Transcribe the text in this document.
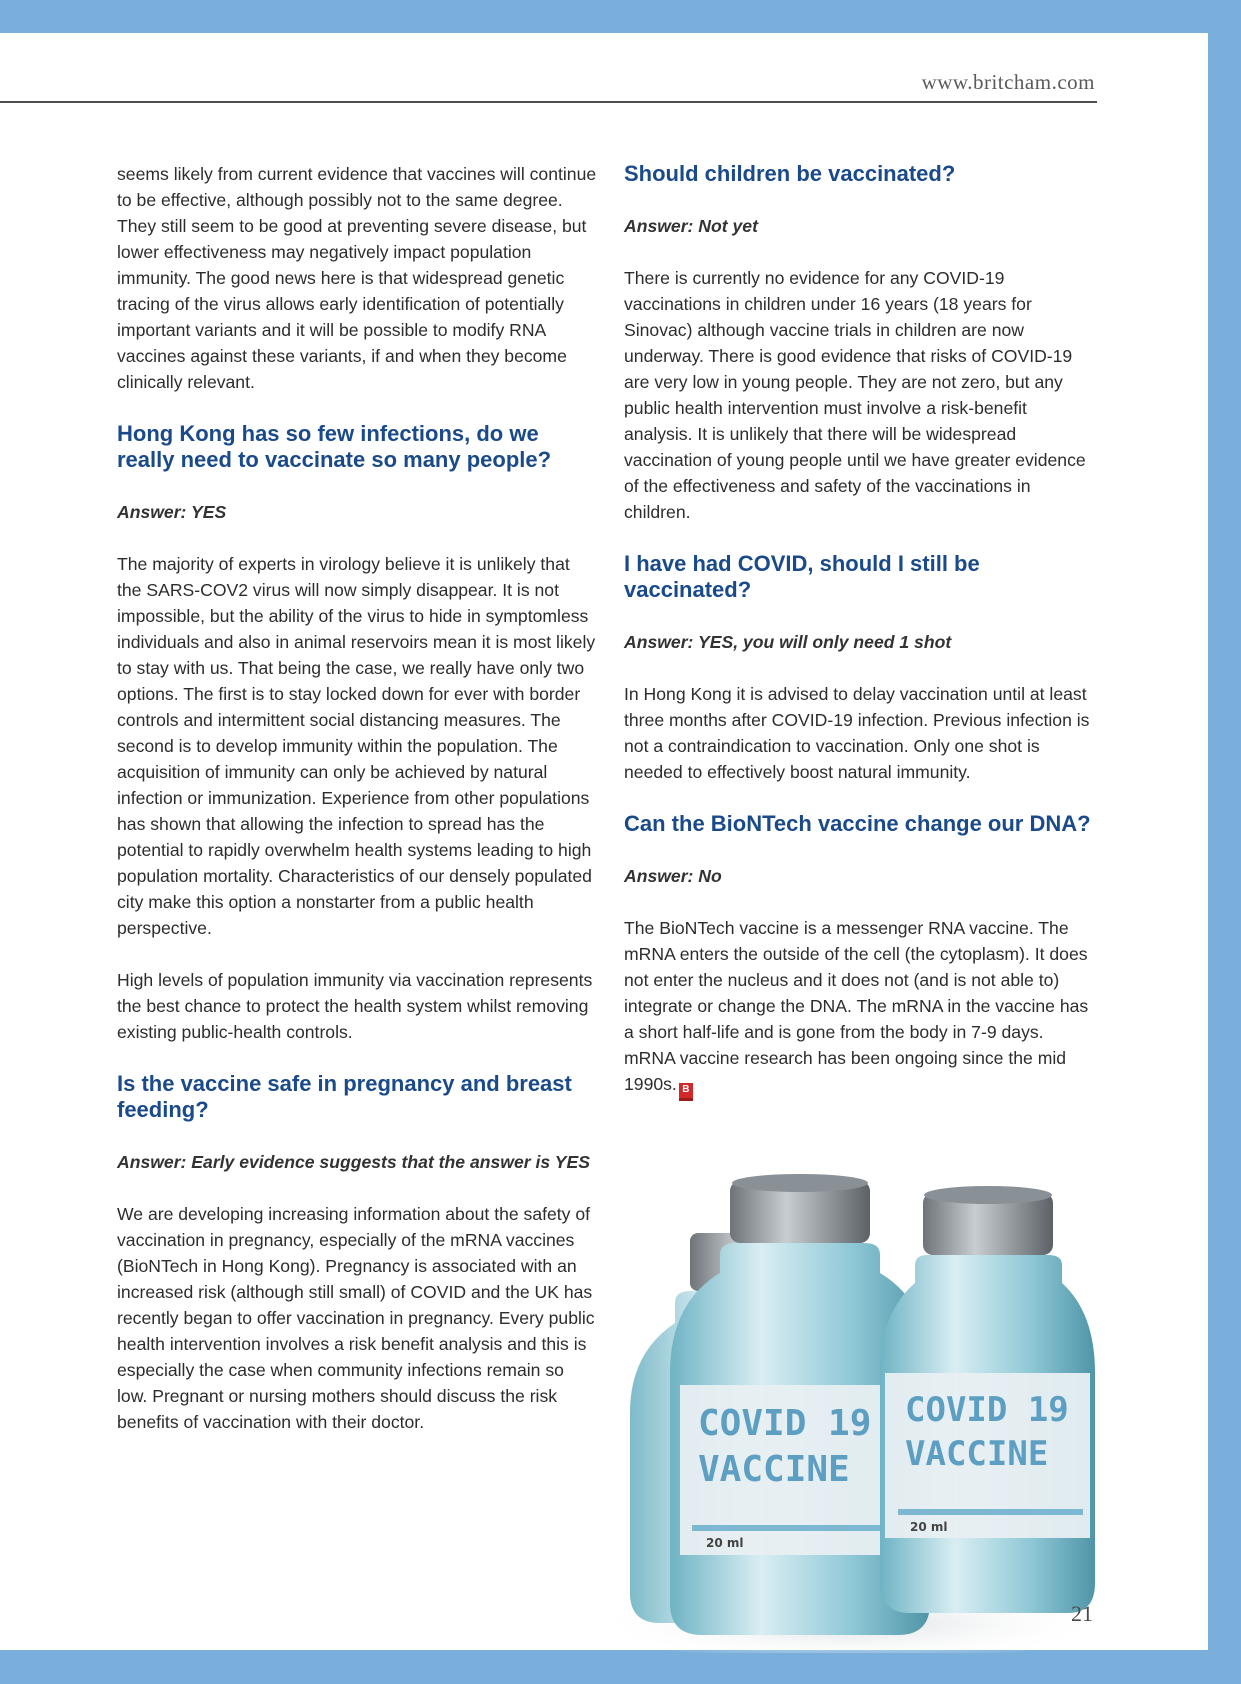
www.britcham.com

seems likely from current evidence that vaccines will continue to be effective, although possibly not to the same degree. They still seem to be good at preventing severe disease, but lower effectiveness may negatively impact population immunity. The good news here is that widespread genetic tracing of the virus allows early identification of potentially important variants and it will be possible to modify RNA vaccines against these variants, if and when they become clinically relevant.

Hong Kong has so few infections, do we really need to vaccinate so many people?

Answer: YES

The majority of experts in virology believe it is unlikely that the SARS-COV2 virus will now simply disappear. It is not impossible, but the ability of the virus to hide in symptomless individuals and also in animal reservoirs mean it is most likely to stay with us. That being the case, we really have only two options. The first is to stay locked down for ever with border controls and intermittent social distancing measures. The second is to develop immunity within the population. The acquisition of immunity can only be achieved by natural infection or immunization. Experience from other populations has shown that allowing the infection to spread has the potential to rapidly overwhelm health systems leading to high population mortality. Characteristics of our densely populated city make this option a nonstarter from a public health perspective.

High levels of population immunity via vaccination represents the best chance to protect the health system whilst removing existing public-health controls.

Is the vaccine safe in pregnancy and breast feeding?

Answer: Early evidence suggests that the answer is YES

We are developing increasing information about the safety of vaccination in pregnancy, especially of the mRNA vaccines (BioNTech in Hong Kong). Pregnancy is associated with an increased risk (although still small) of COVID and the UK has recently began to offer vaccination in pregnancy. Every public health intervention involves a risk benefit analysis and this is especially the case when community infections remain so low. Pregnant or nursing mothers should discuss the risk benefits of vaccination with their doctor.

Should children be vaccinated?

Answer: Not yet

There is currently no evidence for any COVID-19 vaccinations in children under 16 years (18 years for Sinovac) although vaccine trials in children are now underway. There is good evidence that risks of COVID-19 are very low in young people. They are not zero, but any public health intervention must involve a risk-benefit analysis. It is unlikely that there will be widespread vaccination of young people until we have greater evidence of the effectiveness and safety of the vaccinations in children.

I have had COVID, should I still be vaccinated?

Answer: YES, you will only need 1 shot

In Hong Kong it is advised to delay vaccination until at least three months after COVID-19 infection. Previous infection is not a contraindication to vaccination. Only one shot is needed to effectively boost natural immunity.

Can the BioNTech vaccine change our DNA?

Answer: No

The BioNTech vaccine is a messenger RNA vaccine. The mRNA enters the outside of the cell (the cytoplasm). It does not enter the nucleus and it does not (and is not able to) integrate or change the DNA. The mRNA in the vaccine has a short half-life and is gone from the body in 7-9 days. mRNA vaccine research has been ongoing since the mid 1990s. B

COVID 19
VACCINE
20 ml
COVID 19
VACCINE
20 ml
21
